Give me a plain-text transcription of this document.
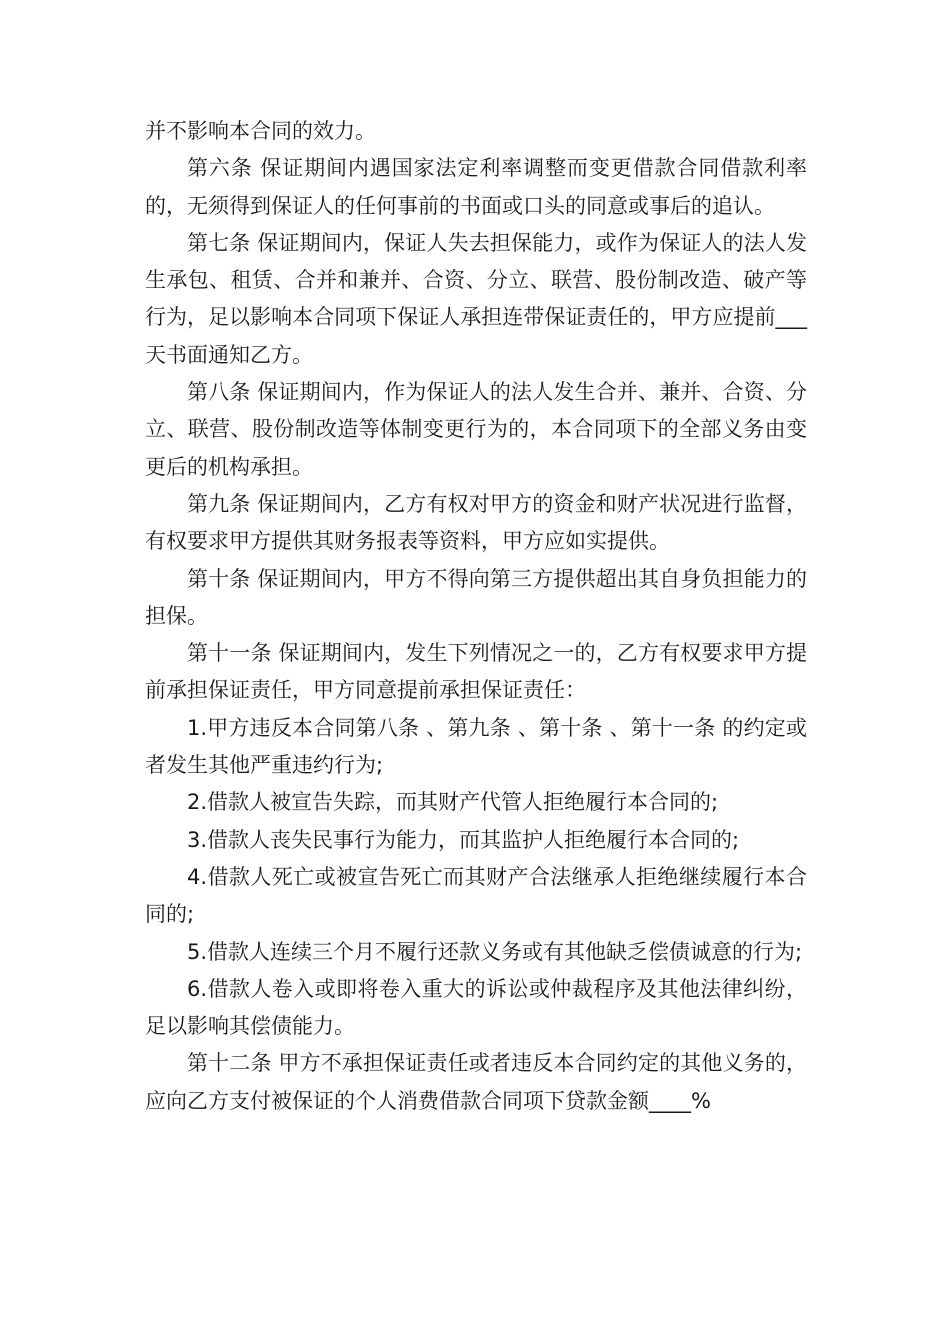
并不影响本合同的效力。

第六条 保证期间内遇国家法定利率调整而变更借款合同借款利率的，无须得到保证人的任何事前的书面或口头的同意或事后的追认。

第七条 保证期间内，保证人失去担保能力，或作为保证人的法人发生承包、租赁、合并和兼并、合资、分立、联营、股份制改造、破产等行为，足以影响本合同项下保证人承担连带保证责任的，甲方应提前___天书面通知乙方。

第八条 保证期间内，作为保证人的法人发生合并、兼并、合资、分立、联营、股份制改造等体制变更行为的，本合同项下的全部义务由变更后的机构承担。

第九条 保证期间内，乙方有权对甲方的资金和财产状况进行监督，有权要求甲方提供其财务报表等资料，甲方应如实提供。

第十条 保证期间内，甲方不得向第三方提供超出其自身负担能力的担保。

第十一条 保证期间内，发生下列情况之一的，乙方有权要求甲方提前承担保证责任，甲方同意提前承担保证责任：

1.甲方违反本合同第八条 、第九条 、第十条 、第十一条 的约定或者发生其他严重违约行为;

2.借款人被宣告失踪，而其财产代管人拒绝履行本合同的;

3.借款人丧失民事行为能力，而其监护人拒绝履行本合同的;

4.借款人死亡或被宣告死亡而其财产合法继承人拒绝继续履行本合同的;

5.借款人连续三个月不履行还款义务或有其他缺乏偿债诚意的行为;

6.借款人卷入或即将卷入重大的诉讼或仲裁程序及其他法律纠纷，足以影响其偿债能力。

第十二条 甲方不承担保证责任或者违反本合同约定的其他义务的，应向乙方支付被保证的个人消费借款合同项下贷款金额____%
